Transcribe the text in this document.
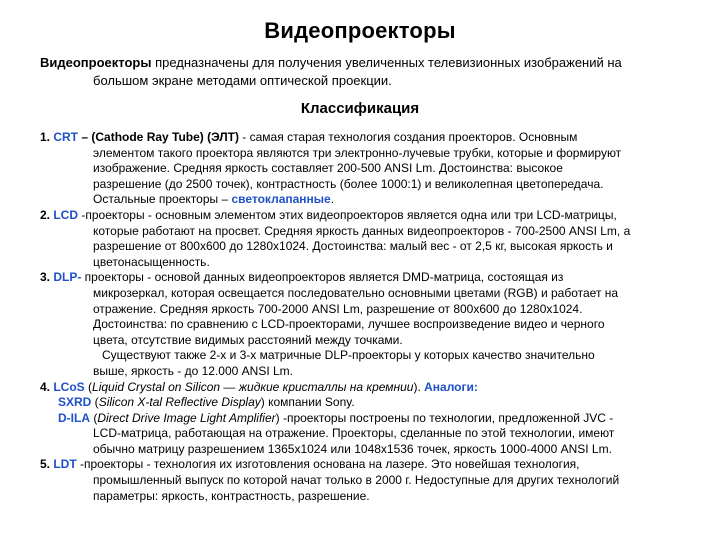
Видеопроекторы
Видеопроекторы предназначены для получения увеличенных телевизионных изображений на
большом экране методами оптической проекции.
Классификация

1. CRT – (Cathode Ray Tube) (ЭЛТ) - самая старая технология создания проекторов. Основным
элементом такого проектора являются три электронно-лучевые трубки, которые и формируют
изображение. Средняя яркость составляет 200-500 ANSI Lm. Достоинства: высокое
разрешение (до 2500 точек), контрастность (более 1000:1) и великолепная цветопередача.
Остальные проекторы – светоклапанные.

2. LCD -проекторы - основным элементом этих видеопроекторов является одна или три LCD-матрицы,
которые работают на просвет. Средняя яркость данных видеопроекторов - 700-2500 ANSI Lm, а
разрешение от 800х600 до 1280х1024. Достоинства: малый вес - от 2,5 кг, высокая яркость и
цветонасыщенность.

3. DLP- проекторы - основой данных видеопроекторов является DMD-матрица, состоящая из
микрозеркал, которая освещается последовательно основными цветами (RGB) и работает на
отражение. Средняя яркость 700-2000 ANSI Lm, разрешение от 800х600 до 1280х1024.
Достоинства: по сравнению с LCD-проекторами, лучшее воспроизведение видео и черного
цвета, отсутствие видимых расстояний между точками.
Существуют также 2-х и 3-х матричные DLP-проекторы у которых качество значительно
выше, яркость - до 12.000 ANSI Lm.

4. LCoS (Liquid Crystal on Silicon — жидкие кристаллы на кремнии). Аналоги:
SXRD (Silicon X-tal Reflective Display) компании Sony.
D-ILA (Direct Drive Image Light Amplifier) -проекторы построены по технологии, предложенной JVC -
LCD-матрица, работающая на отражение. Проекторы, сделанные по этой технологии, имеют
обычно матрицу разрешением 1365х1024 или 1048х1536 точек, яркость 1000-4000 ANSI Lm.

5. LDT -проекторы - технология их изготовления основана на лазере. Это новейшая технология,
промышленный выпуск по которой начат только в 2000 г. Недоступные для других технологий
параметры: яркость, контрастность, разрешение.
